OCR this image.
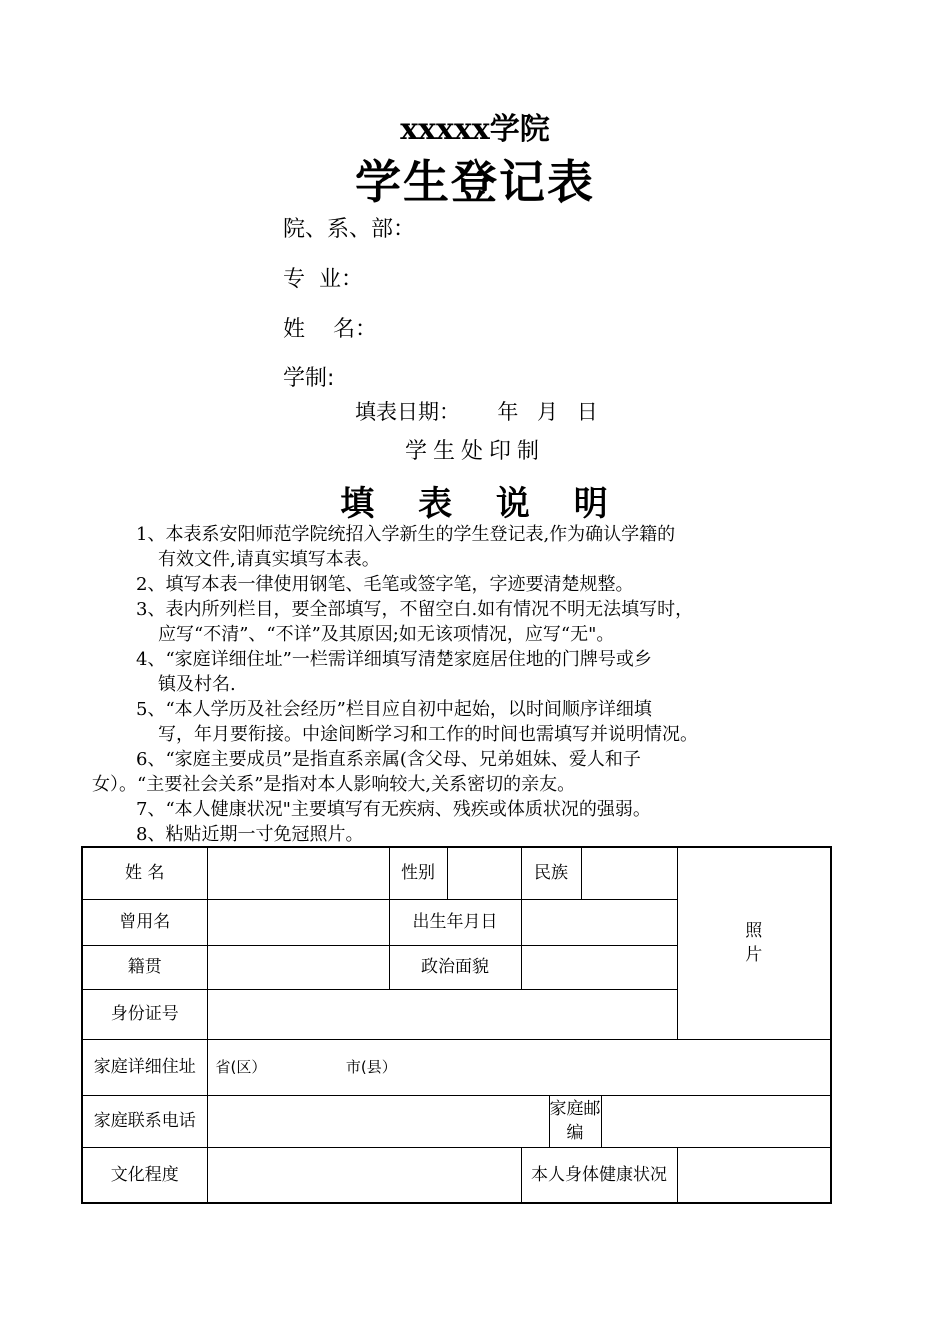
xxxxx学院
学生登记表
院、系、部：
专  业：
姓    名：
学制:
填表日期：  年 月 日
学生处印制
填 表 说 明
1、本表系安阳师范学院统招入学新生的学生登记表,作为确认学籍的
有效文件,请真实填写本表。
2、填写本表一律使用钢笔、毛笔或签字笔，字迹要清楚规整。
3、表内所列栏目，要全部填写，不留空白.如有情况不明无法填写时，
应写“不清”、“不详”及其原因;如无该项情况，应写“无"。
4、“家庭详细住址”一栏需详细填写清楚家庭居住地的门牌号或乡
镇及村名.
5、“本人学历及社会经历”栏目应自初中起始，以时间顺序详细填
写，年月要衔接。中途间断学习和工作的时间也需填写并说明情况。
6、“家庭主要成员”是指直系亲属(含父母、兄弟姐妹、爱人和子
女）。“主要社会关系”是指对本人影响较大,关系密切的亲友。
7、“本人健康状况"主要填写有无疾病、残疾或体质状况的强弱。
8、粘贴近期一寸免冠照片。
姓 名		性别		民族				照片
曾用名		出生年月日						
籍贯		政治面貌						
身份证号								
家庭详细住址	省(区） 市(县）							
家庭联系电话					家庭邮编			
文化程度				本人身体健康状况				
